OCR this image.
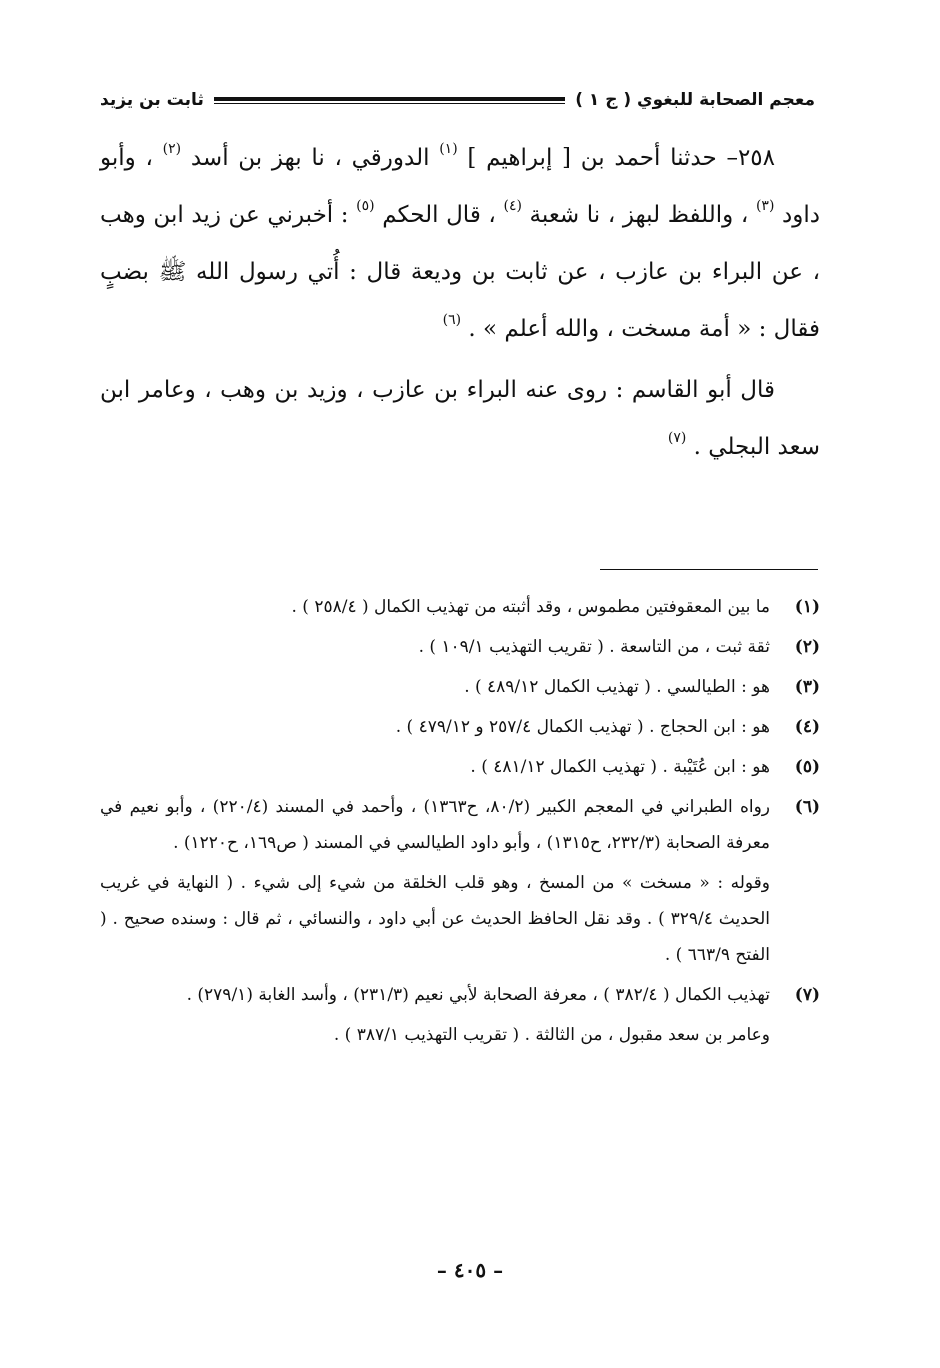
معجم الصحابة للبغوي ( ج ١ )
ثابت بن يزيد

٢٥٨– حدثنا أحمد بن [ إبراهيم ] $^{(١)}$ الدورقي ، نا بهز بن أسد $^{(٢)}$ ، وأبو داود $^{(٣)}$ ، واللفظ لبهز ، نا شعبة $^{(٤)}$ ، قال الحكم $^{(٥)}$ : أخبرني عن زيد ابن وهب ، عن البراء بن عازب ، عن ثابت بن وديعة قال : أُتي رسول الله ﷺ بضبٍ فقال : « أمة مسخت ، والله أعلم » . $^{(٦)}$

قال أبو القاسم : روى عنه البراء بن عازب ، وزيد بن وهب ، وعامر ابن سعد البجلي . $^{(٧)}$

(١)
ما بين المعقوفتين مطموس ، وقد أثبته من تهذيب الكمال ( ٢٥٨/٤ ) .
(٢)
ثقة ثبت ، من التاسعة . ( تقريب التهذيب ١٠٩/١ ) .
(٣)
هو : الطيالسي . ( تهذيب الكمال ٤٨٩/١٢ ) .
(٤)
هو : ابن الحجاج . ( تهذيب الكمال ٢٥٧/٤ و ٤٧٩/١٢ ) .
(٥)
هو : ابن عُتَيْبة . ( تهذيب الكمال ٤٨١/١٢ ) .
(٦)
رواه الطبراني في المعجم الكبير (٨٠/٢، ح١٣٦٣) ، وأحمد في المسند (٢٢٠/٤) ، وأبو نعيم في معرفة الصحابة (٢٣٢/٣، ح١٣١٥) ، وأبو داود الطيالسي في المسند ( ص١٦٩، ح١٢٢٠) .
وقوله : « مسخت » من المسخ ، وهو قلب الخلقة من شيء إلى شيء . ( النهاية في غريب الحديث ٣٢٩/٤ ) . وقد نقل الحافظ الحديث عن أبي داود ، والنسائي ، ثم قال : وسنده صحيح . ( الفتح ٦٦٣/٩ ) .
(٧)
تهذيب الكمال ( ٣٨٢/٤ ) ، معرفة الصحابة لأبي نعيم (٢٣١/٣) ، وأسد الغابة (٢٧٩/١) .
وعامر بن سعد مقبول ، من الثالثة . ( تقريب التهذيب ٣٨٧/١ ) .
– ٤٠٥ –
